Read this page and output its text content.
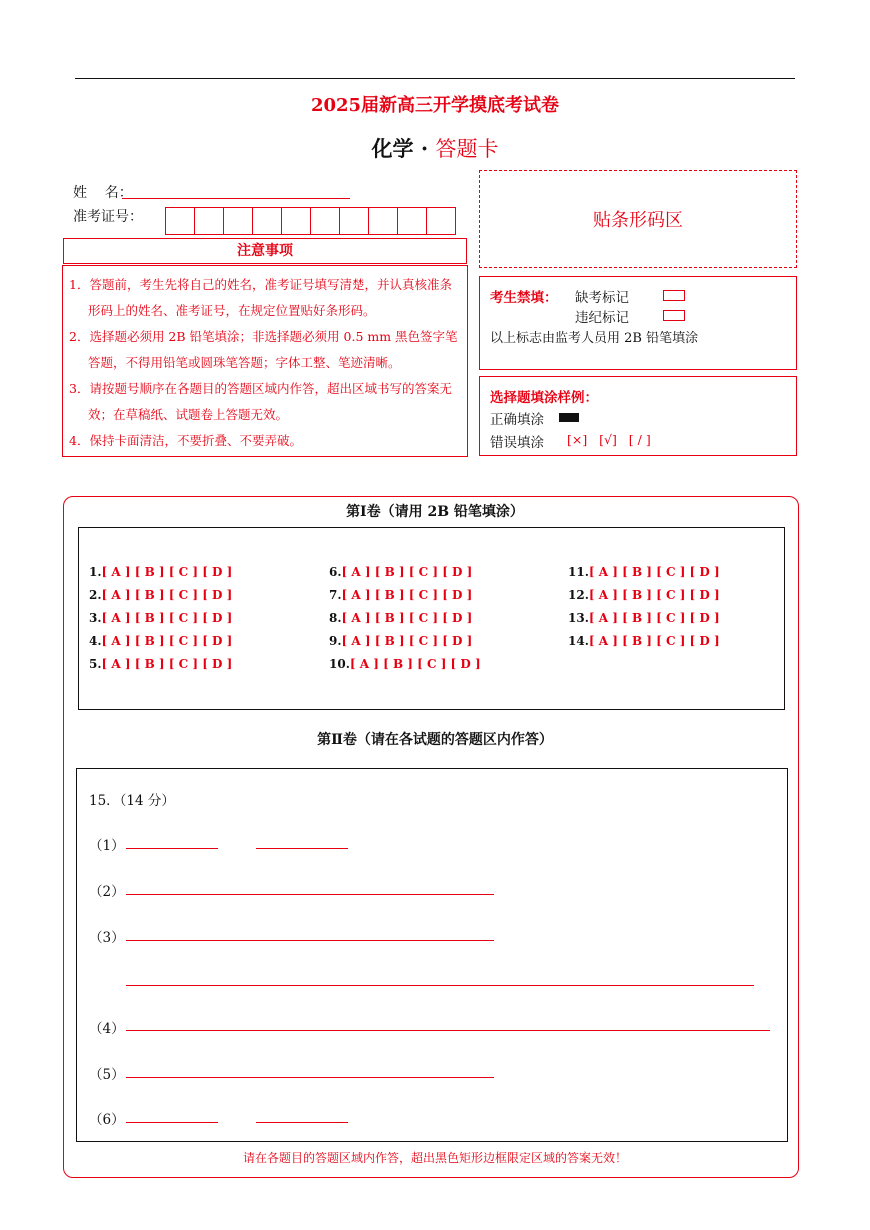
2025届新高三开学摸底考试卷
化学 · 答题卡
姓    名：
准考证号：	贴条形码区
注意事项

1．答题前，考生先将自己的姓名，准考证号填写清楚，并认真核准条形码上的姓名、准考证号，在规定位置贴好条形码。

2．选择题必须用 2B 铅笔填涂；非选择题必须用 0.5 mm 黑色签字笔答题，不得用铅笔或圆珠笔答题；字体工整、笔迹清晰。

3．请按题号顺序在各题目的答题区域内作答，超出区域书写的答案无效；在草稿纸、试题卷上答题无效。

4．保持卡面清洁，不要折叠、不要弄破。

考生禁填： 缺考标记
违纪标记
以上标志由监考人员用 2B 铅笔填涂
选择题填涂样例：
正确填涂
错误填涂 [×]   [√]   [ / ]
第Ⅰ卷（请用 2B 铅笔填涂）
1.[ A ] [ B ] [ C ] [ D ]
2.[ A ] [ B ] [ C ] [ D ]
3.[ A ] [ B ] [ C ] [ D ]
4.[ A ] [ B ] [ C ] [ D ]
5.[ A ] [ B ] [ C ] [ D ]
6.[ A ] [ B ] [ C ] [ D ]
7.[ A ] [ B ] [ C ] [ D ]
8.[ A ] [ B ] [ C ] [ D ]
9.[ A ] [ B ] [ C ] [ D ]
10.[ A ] [ B ] [ C ] [ D ]
11.[ A ] [ B ] [ C ] [ D ]
12.[ A ] [ B ] [ C ] [ D ]
13.[ A ] [ B ] [ C ] [ D ]
14.[ A ] [ B ] [ C ] [ D ]
第Ⅱ卷（请在各试题的答题区内作答）
15．（14 分）
（1）
（2）
（3）
（4）
（5）
（6）
请在各题目的答题区域内作答，超出黑色矩形边框限定区域的答案无效！
